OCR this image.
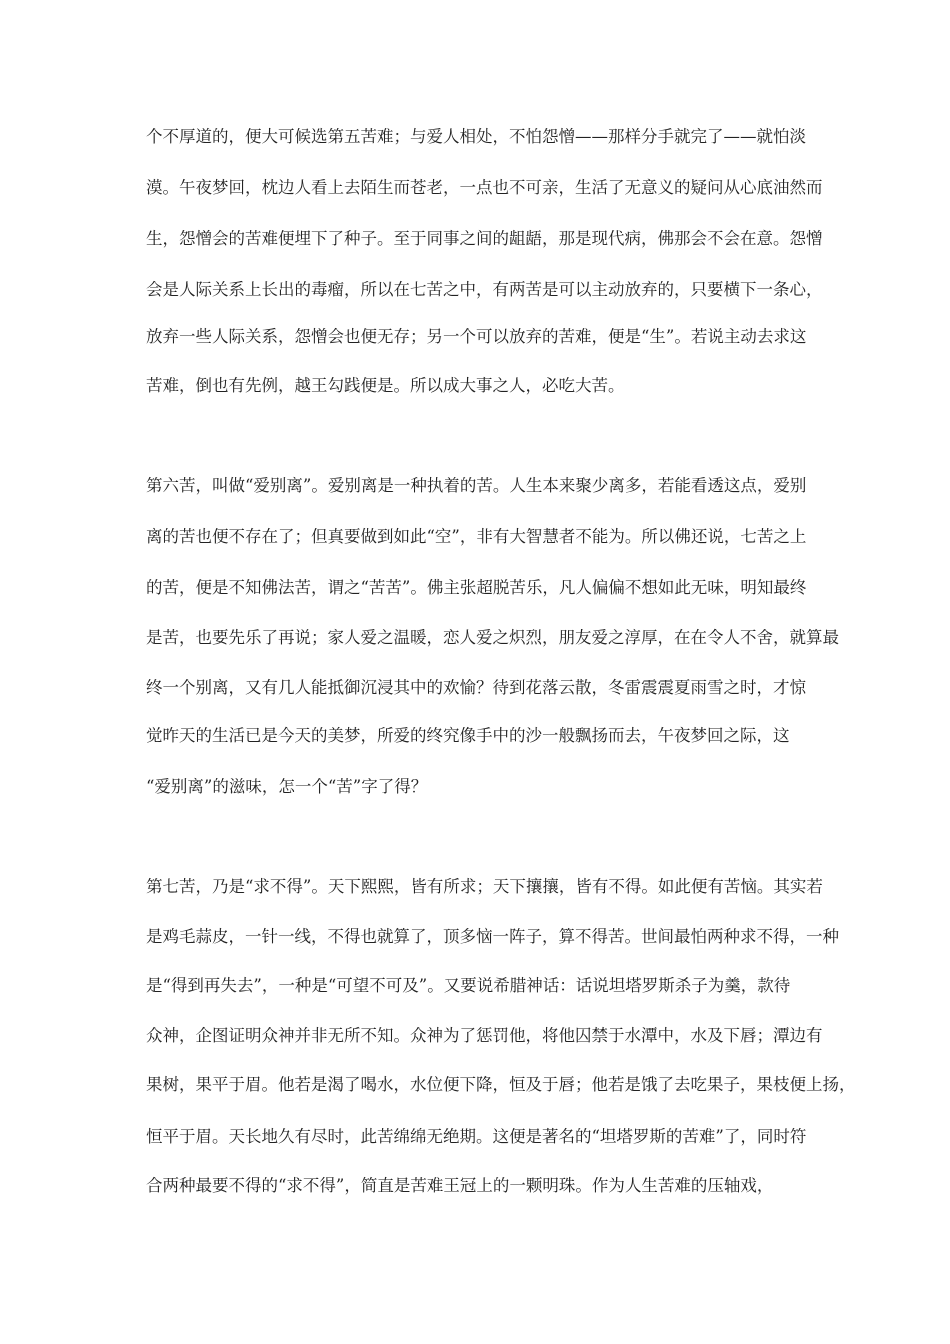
个不厚道的，便大可候选第五苦难；与爱人相处，不怕怨憎——那样分手就完了——就怕淡
漠。午夜梦回，枕边人看上去陌生而苍老，一点也不可亲，生活了无意义的疑问从心底油然而
生，怨憎会的苦难便埋下了种子。至于同事之间的龃龉，那是现代病，佛那会不会在意。怨憎
会是人际关系上长出的毒瘤，所以在七苦之中，有两苦是可以主动放弃的，只要横下一条心，
放弃一些人际关系，怨憎会也便无存；另一个可以放弃的苦难，便是“生”。若说主动去求这
苦难，倒也有先例，越王勾践便是。所以成大事之人，必吃大苦。
第六苦，叫做“爱别离”。爱别离是一种执着的苦。人生本来聚少离多，若能看透这点，爱别
离的苦也便不存在了；但真要做到如此“空”，非有大智慧者不能为。所以佛还说，七苦之上
的苦，便是不知佛法苦，谓之“苦苦”。佛主张超脱苦乐，凡人偏偏不想如此无味，明知最终
是苦，也要先乐了再说；家人爱之温暖，恋人爱之炽烈，朋友爱之淳厚，在在令人不舍，就算最
终一个别离，又有几人能抵御沉浸其中的欢愉？待到花落云散，冬雷震震夏雨雪之时，才惊
觉昨天的生活已是今天的美梦，所爱的终究像手中的沙一般飘扬而去，午夜梦回之际，这
“爱别离”的滋味，怎一个“苦”字了得？
第七苦，乃是“求不得”。天下熙熙，皆有所求；天下攘攘，皆有不得。如此便有苦恼。其实若
是鸡毛蒜皮，一针一线，不得也就算了，顶多恼一阵子，算不得苦。世间最怕两种求不得，一种
是“得到再失去”，一种是“可望不可及”。又要说希腊神话：话说坦塔罗斯杀子为羹，款待
众神，企图证明众神并非无所不知。众神为了惩罚他，将他囚禁于水潭中，水及下唇；潭边有
果树，果平于眉。他若是渴了喝水，水位便下降，恒及于唇；他若是饿了去吃果子，果枝便上扬，
恒平于眉。天长地久有尽时，此苦绵绵无绝期。这便是著名的“坦塔罗斯的苦难”了，同时符
合两种最要不得的“求不得”，简直是苦难王冠上的一颗明珠。作为人生苦难的压轴戏，
